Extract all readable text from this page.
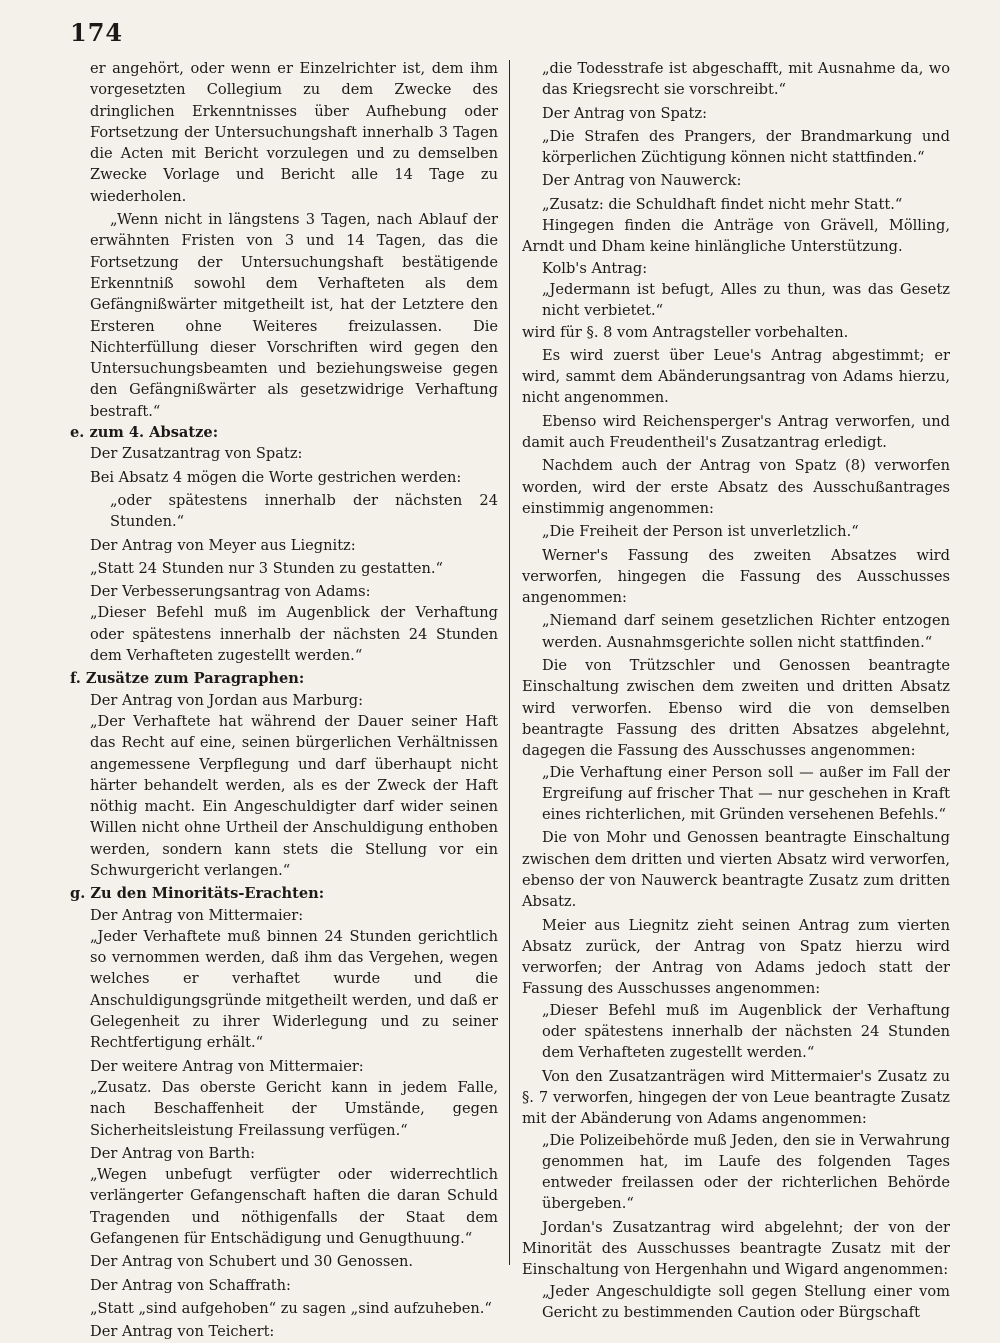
174

er angehört, oder wenn er Einzelrichter ist, dem ihm vorgesetzten Collegium zu dem Zwecke des dringlichen Erkenntnisses über Aufhebung oder Fortsetzung der Untersuchungshaft innerhalb 3 Tagen die Acten mit Bericht vorzulegen und zu demselben Zwecke Vorlage und Bericht alle 14 Tage zu wiederholen.

„Wenn nicht in längstens 3 Tagen, nach Ablauf der erwähnten Fristen von 3 und 14 Tagen, das die Fortsetzung der Untersuchungshaft bestätigende Erkenntniß sowohl dem Verhafteten als dem Gefängnißwärter mitgetheilt ist, hat der Letztere den Ersteren ohne Weiteres freizulassen. Die Nichterfüllung dieser Vorschriften wird gegen den Untersuchungsbeamten und beziehungsweise gegen den Gefängnißwärter als gesetzwidrige Verhaftung bestraft.“

e. zum 4. Absatze:

Der Zusatzantrag von Spatz:

Bei Absatz 4 mögen die Worte gestrichen werden:

„oder spätestens innerhalb der nächsten 24 Stunden.“

Der Antrag von Meyer aus Liegnitz:

„Statt 24 Stunden nur 3 Stunden zu gestatten.“

Der Verbesserungsantrag von Adams:

„Dieser Befehl muß im Augenblick der Verhaftung oder spätestens innerhalb der nächsten 24 Stunden dem Verhafteten zugestellt werden.“

f. Zusätze zum Paragraphen:

Der Antrag von Jordan aus Marburg:

„Der Verhaftete hat während der Dauer seiner Haft das Recht auf eine, seinen bürgerlichen Verhältnissen angemessene Verpflegung und darf überhaupt nicht härter behandelt werden, als es der Zweck der Haft nöthig macht. Ein Angeschuldigter darf wider seinen Willen nicht ohne Urtheil der Anschuldigung enthoben werden, sondern kann stets die Stellung vor ein Schwurgericht verlangen.“

g. Zu den Minoritäts-Erachten:

Der Antrag von Mittermaier:

„Jeder Verhaftete muß binnen 24 Stunden gerichtlich so vernommen werden, daß ihm das Vergehen, wegen welches er verhaftet wurde und die Anschuldigungsgründe mitgetheilt werden, und daß er Gelegenheit zu ihrer Widerlegung und zu seiner Rechtfertigung erhält.“

Der weitere Antrag von Mittermaier:

„Zusatz. Das oberste Gericht kann in jedem Falle, nach Beschaffenheit der Umstände, gegen Sicherheitsleistung Freilassung verfügen.“

Der Antrag von Barth:

„Wegen unbefugt verfügter oder widerrechtlich verlängerter Gefangenschaft haften die daran Schuld Tragenden und nöthigenfalls der Staat dem Gefangenen für Entschädigung und Genugthuung.“

Der Antrag von Schubert und 30 Genossen.

Der Antrag von Schaffrath:

„Statt „sind aufgehoben“ zu sagen „sind aufzuheben.“

Der Antrag von Teichert:

„die Todesstrafe ist abgeschafft, mit Ausnahme da, wo das Kriegsrecht sie vorschreibt.“

Der Antrag von Spatz:

„Die Strafen des Prangers, der Brandmarkung und körperlichen Züchtigung können nicht stattfinden.“

Der Antrag von Nauwerck:

„Zusatz: die Schuldhaft findet nicht mehr Statt.“

Hingegen finden die Anträge von Grävell, Mölling, Arndt und Dham keine hinlängliche Unterstützung.

Kolb's Antrag:

„Jedermann ist befugt, Alles zu thun, was das Gesetz nicht verbietet.“

wird für §. 8 vom Antragsteller vorbehalten.

Es wird zuerst über Leue's Antrag abgestimmt; er wird, sammt dem Abänderungsantrag von Adams hierzu, nicht angenommen.

Ebenso wird Reichensperger's Antrag verworfen, und damit auch Freudentheil's Zusatzantrag erledigt.

Nachdem auch der Antrag von Spatz (8) verworfen worden, wird der erste Absatz des Ausschußantrages einstimmig angenommen:

„Die Freiheit der Person ist unverletzlich.“

Werner's Fassung des zweiten Absatzes wird verworfen, hingegen die Fassung des Ausschusses angenommen:

„Niemand darf seinem gesetzlichen Richter entzogen werden. Ausnahmsgerichte sollen nicht stattfinden.“

Die von Trützschler und Genossen beantragte Einschaltung zwischen dem zweiten und dritten Absatz wird verworfen. Ebenso wird die von demselben beantragte Fassung des dritten Absatzes abgelehnt, dagegen die Fassung des Ausschusses angenommen:

„Die Verhaftung einer Person soll — außer im Fall der Ergreifung auf frischer That — nur geschehen in Kraft eines richterlichen, mit Gründen versehenen Befehls.“

Die von Mohr und Genossen beantragte Einschaltung zwischen dem dritten und vierten Absatz wird verworfen, ebenso der von Nauwerck beantragte Zusatz zum dritten Absatz.

Meier aus Liegnitz zieht seinen Antrag zum vierten Absatz zurück, der Antrag von Spatz hierzu wird verworfen; der Antrag von Adams jedoch statt der Fassung des Ausschusses angenommen:

„Dieser Befehl muß im Augenblick der Verhaftung oder spätestens innerhalb der nächsten 24 Stunden dem Verhafteten zugestellt werden.“

Von den Zusatzanträgen wird Mittermaier's Zusatz zu §. 7 verworfen, hingegen der von Leue beantragte Zusatz mit der Abänderung von Adams angenommen:

„Die Polizeibehörde muß Jeden, den sie in Verwahrung genommen hat, im Laufe des folgenden Tages entweder freilassen oder der richterlichen Behörde übergeben.“

Jordan's Zusatzantrag wird abgelehnt; der von der Minorität des Ausschusses beantragte Zusatz mit der Einschaltung von Hergenhahn und Wigard angenommen:

„Jeder Angeschuldigte soll gegen Stellung einer vom Gericht zu bestimmenden Caution oder Bürgschaft
